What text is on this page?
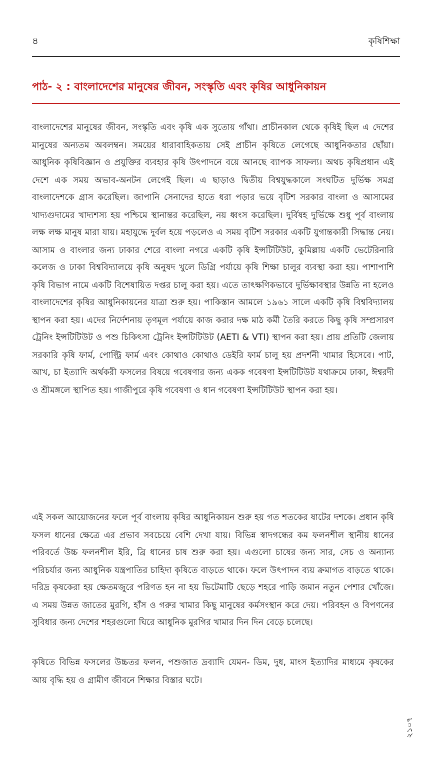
৪	কৃষিশিক্ষা
পাঠ- ২ : বাংলাদেশের মানুষের জীবন, সংস্কৃতি এবং কৃষির আধুনিকায়ন

বাংলাদেশের মানুষের জীবন, সংস্কৃতি এবং কৃষি এক সুতোয় গাঁথা। প্রাচীনকাল থেকে কৃষিই ছিল এ দেশের মানুষের অন্যতম অবলম্বন। সময়ের ধারাবাহিকতায় সেই প্রাচীন কৃষিতে লেগেছে আধুনিকতার ছোঁয়া। আধুনিক কৃষিবিজ্ঞান ও প্রযুক্তির ব্যবহার কৃষি উৎপাদনে বয়ে আনছে ব্যাপক সাফল্য। অথচ কৃষিপ্রধান এই দেশে এক সময় অভাব-অনটন লেগেই ছিল। এ ছাড়াও দ্বিতীয় বিশ্বযুদ্ধকালে সংঘটিত দুর্ভিক্ষ সমগ্র বাংলাদেশকে গ্রাস করেছিল। জাপানি সেনাদের হাতে ধরা পড়ার ভয়ে বৃটিশ সরকার বাংলা ও আসামের খাদ্যগুদামের খাদ্যশস্য হয় পশ্চিমে স্থানান্তর করেছিল, নয় ধ্বংস করেছিল। দুর্বিষহ দুর্ভিক্ষে শুধু পূর্ব বাংলায় লক্ষ লক্ষ মানুষ মারা যায়। মহাযুদ্ধে দুর্বল হয়ে পড়লেও এ সময় বৃটিশ সরকার একটি যুগান্তকারী সিদ্ধান্ত নেয়। আসাম ও বাংলার জন্য ঢাকার শেরে বাংলা নগরে একটি কৃষি ইন্সটিটিউট, কুমিল্লায় একটি ভেটেরিনারি কলেজ ও ঢাকা বিশ্ববিদ্যালয়ে কৃষি অনুষদ খুলে ডিগ্রি পর্যায়ে কৃষি শিক্ষা চালুর ব্যবস্থা করা হয়। পাশাপাশি কৃষি বিভাগ নামে একটি বিশেষায়িত দপ্তর চালু করা হয়। এতে তাৎক্ষণিকভাবে দুর্ভিক্ষাবস্থার উন্নতি না হলেও বাংলাদেশের কৃষির আধুনিকায়নের যাত্রা শুরু হয়। পাকিস্তান আমলে ১৯৬১ সালে একটি কৃষি বিশ্ববিদ্যালয় স্থাপন করা হয়। এদের নির্দেশনায় তৃণমূল পর্যায়ে কাজ করার দক্ষ মাঠ কর্মী তৈরি করতে কিছু কৃষি সম্প্রসারণ ট্রেনিং ইন্সটিটিউট ও পশু চিকিৎসা ট্রেনিং ইন্সটিটিউট (AETI & VTI) স্থাপন করা হয়। প্রায় প্রতিটি জেলায় সরকারি কৃষি ফার্ম, পোল্ট্রি ফার্ম এবং কোথাও কোথাও ডেইরি ফার্ম চালু হয় প্রদর্শনী খামার হিসেবে। পাট, আখ, চা ইত্যাদি অর্থকরী ফসলের বিষয়ে গবেষণার জন্য একক গবেষণা ইন্সটিটিউট যথাক্রমে ঢাকা, ঈশ্বরদী ও শ্রীমঙ্গলে স্থাপিত হয়। গাজীপুরে কৃষি গবেষণা ও ধান গবেষণা ইন্সটিটিউট স্থাপন করা হয়।

এই সকল আয়োজনের ফলে পূর্ব বাংলায় কৃষির আধুনিকায়ন শুরু হয় গত শতকের ষাটের দশকে। প্রধান কৃষি ফসল ধানের ক্ষেত্রে এর প্রভাব সবচেয়ে বেশি দেখা যায়। বিভিন্ন স্বাদগন্ধের কম ফলনশীল স্থানীয় ধানের পরিবর্তে উচ্চ ফলনশীল ইরি, ব্রি ধানের চাষ শুরু করা হয়। এগুলো চাষের জন্য সার, সেচ ও অন্যান্য পরিচর্যার জন্য আধুনিক যন্ত্রপাতির চাহিদা কৃষিতে বাড়তে থাকে। ফলে উৎপাদন ব্যয় ক্রমাগত বাড়তে থাকে। দরিদ্র কৃষকেরা হয় ক্ষেতমজুরে পরিণত হন না হয় ভিটেমাটি ছেড়ে শহরে পাড়ি জমান নতুন পেশার খোঁজে। এ সময় উন্নত জাতের মুরগি, হাঁস ও গরুর খামার কিছু মানুষের কর্মসংস্থান করে দেয়। পরিবহন ও বিপণনের সুবিধার জন্য দেশের শহরগুলো ঘিরে আধুনিক মুরগির খামার দিন দিন বেড়ে চলেছে।

কৃষিতে বিভিন্ন ফসলের উচ্চতর ফলন, পশুজাত দ্রব্যাদি যেমন- ডিম, দুধ, মাংস ইত্যাদির মাধ্যমে কৃষকের আয় বৃদ্ধি হয় ও গ্রামীণ জীবনে শিক্ষার বিস্তার ঘটে।

২১০৭
